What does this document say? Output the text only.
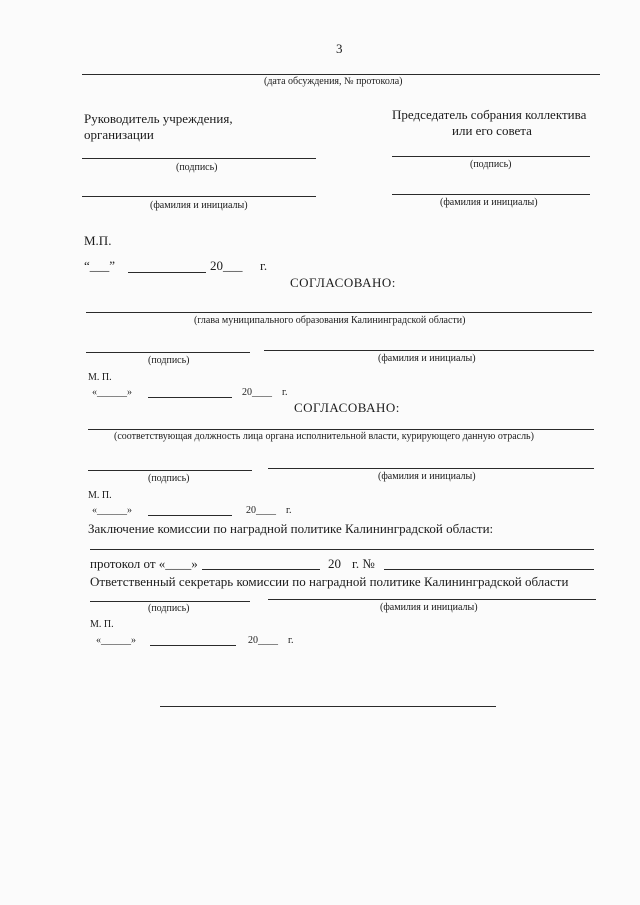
3
(дата обсуждения, № протокола)
Руководитель учреждения,
организации
Председатель собрания коллектива
или его совета
(подпись)	(подпись)
(фамилия и инициалы)	(фамилия и инициалы)
М.П.
“___”	20___ г.
СОГЛАСОВАНО:
(глава муниципального образования Калининградской области)
(подпись)	(фамилия и инициалы)
М. П.
«______»	20____ г.
СОГЛАСОВАНО:
(соответствующая должность лица органа исполнительной власти, курирующего данную отрасль)
(подпись)	(фамилия и инициалы)
М. П.
«______»	20____ г.
Заключение комиссии по наградной политике Калининградской области:
протокол от «____»	20 г. №
Ответственный секретарь комиссии по наградной политике Калининградской области
(подпись)	(фамилия и инициалы)
М. П.
«______»	20____ г.
